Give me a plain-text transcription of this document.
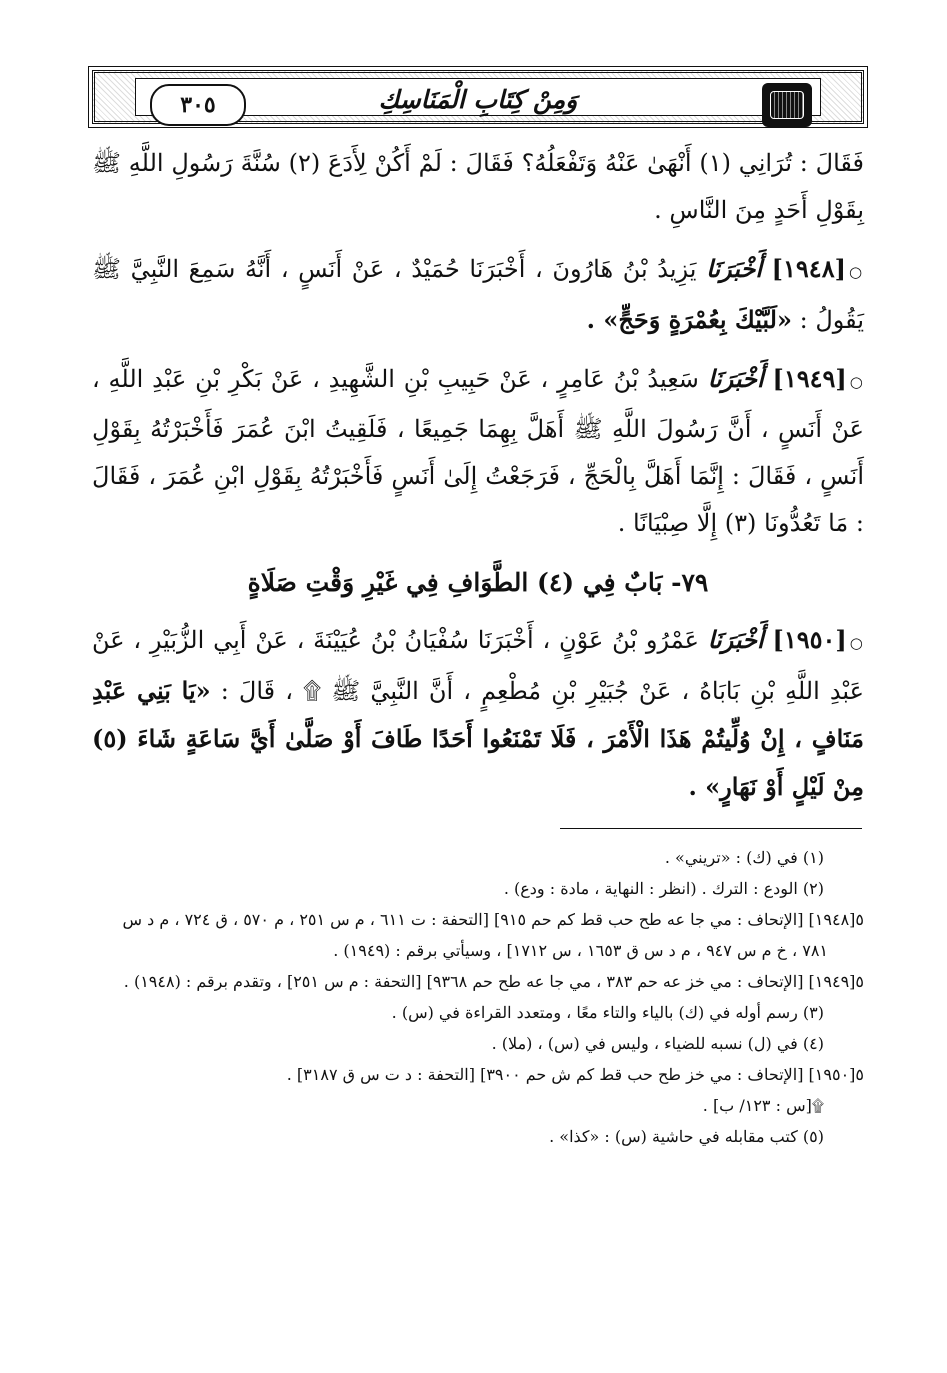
٣٠٥	وَمِنْ كِتَابِ الْمَنَاسِكِ

فَقَالَ : تُرَانِي (١) أَنْهَىٰ عَنْهُ وَتَفْعَلُهُ؟ فَقَالَ : لَمْ أَكُنْ لِأَدَعَ (٢) سُنَّةَ رَسُولِ اللَّهِ ﷺ بِقَوْلِ أَحَدٍ مِنَ النَّاسِ .

○[١٩٤٨] أَخْبَرَنَا يَزِيدُ بْنُ هَارُونَ ، أَخْبَرَنَا حُمَيْدٌ ، عَنْ أَنَسٍ ، أَنَّهُ سَمِعَ النَّبِيَّ ﷺ يَقُولُ : «لَبَّيْكَ بِعُمْرَةٍ وَحَجٍّ» .

○[١٩٤٩] أَخْبَرَنَا سَعِيدُ بْنُ عَامِرٍ ، عَنْ حَبِيبِ بْنِ الشَّهِيدِ ، عَنْ بَكْرِ بْنِ عَبْدِ اللَّهِ ، عَنْ أَنَسٍ ، أَنَّ رَسُولَ اللَّهِ ﷺ أَهَلَّ بِهِمَا جَمِيعًا ، فَلَقِيتُ ابْنَ عُمَرَ فَأَخْبَرْتُهُ بِقَوْلِ أَنَسٍ ، فَقَالَ : إِنَّمَا أَهَلَّ بِالْحَجِّ ، فَرَجَعْتُ إِلَىٰ أَنَسٍ فَأَخْبَرْتُهُ بِقَوْلِ ابْنِ عُمَرَ ، فَقَالَ : مَا تَعُدُّونَا (٣) إِلَّا صِبْيَانًا .

٧٩- بَابٌ فِي (٤) الطَّوَافِ فِي غَيْرِ وَقْتِ صَلَاةٍ

○[١٩٥٠] أَخْبَرَنَا عَمْرُو بْنُ عَوْنٍ ، أَخْبَرَنَا سُفْيَانُ بْنُ عُيَيْنَةَ ، عَنْ أَبِي الزُّبَيْرِ ، عَنْ عَبْدِ اللَّهِ بْنِ بَابَاهُ ، عَنْ جُبَيْرِ بْنِ مُطْعِمٍ ، أَنَّ النَّبِيَّ ﷺ ۩ ، قَالَ : «يَا بَنِي عَبْدِ مَنَافٍ ، إِنْ وُلِّيتُمْ هَذَا الْأَمْرَ ، فَلَا تَمْنَعُوا أَحَدًا طَافَ أَوْ صَلَّىٰ أَيَّ سَاعَةٍ شَاءَ (٥) مِنْ لَيْلٍ أَوْ نَهَارٍ» .

(١) في (ك) : «تريني» .

(٢) الودع : الترك . (انظر : النهاية ، مادة : ودع) .

٥[١٩٤٨] [الإتحاف : مي جا عه طح حب قط كم حم ٩١٥] [التحفة : ت ٦١١ ، م س ٢٥١ ، م ٥٧٠ ، ق ٧٢٤ ، م د س ٧٨١ ، خ م س ٩٤٧ ، م د س ق ١٦٥٣ ، س ١٧١٢] ، وسيأتي برقم : (١٩٤٩) .

٥[١٩٤٩] [الإتحاف : مي خز عه حم ٣٨٣ ، مي جا عه طح حم ٩٣٦٨] [التحفة : م س ٢٥١] ، وتقدم برقم : (١٩٤٨) .

(٣) رسم أوله في (ك) بالياء والتاء معًا ، ومتعدد القراءة في (س) .

(٤) في (ل) نسبه للضياء ، وليس في (س) ، (ملا) .

٥[١٩٥٠] [الإتحاف : مي خز طح حب قط كم ش حم ٣٩٠٠] [التحفة : د ت س ق ٣١٨٧] .

۩[س : ١٢٣/ ب] .

(٥) كتب مقابله في حاشية (س) : «كذا» .
